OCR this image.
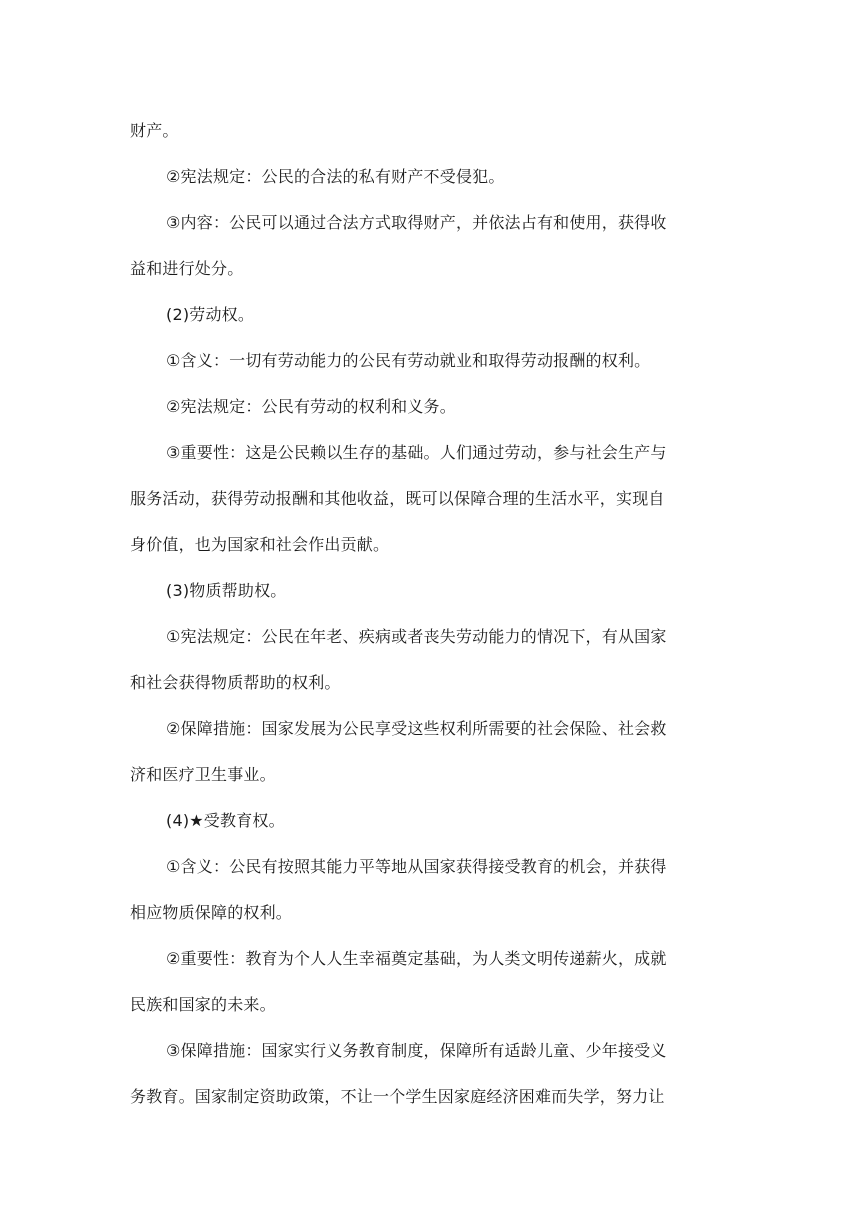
财产。
②宪法规定：公民的合法的私有财产不受侵犯。
③内容：公民可以通过合法方式取得财产，并依法占有和使用，获得收
益和进行处分。
(2)劳动权。
①含义：一切有劳动能力的公民有劳动就业和取得劳动报酬的权利。
②宪法规定：公民有劳动的权利和义务。
③重要性：这是公民赖以生存的基础。人们通过劳动，参与社会生产与
服务活动，获得劳动报酬和其他收益，既可以保障合理的生活水平，实现自
身价值，也为国家和社会作出贡献。
(3)物质帮助权。
①宪法规定：公民在年老、疾病或者丧失劳动能力的情况下，有从国家
和社会获得物质帮助的权利。
②保障措施：国家发展为公民享受这些权利所需要的社会保险、社会救
济和医疗卫生事业。
(4)★受教育权。
①含义：公民有按照其能力平等地从国家获得接受教育的机会，并获得
相应物质保障的权利。
②重要性：教育为个人人生幸福奠定基础，为人类文明传递薪火，成就
民族和国家的未来。
③保障措施：国家实行义务教育制度，保障所有适龄儿童、少年接受义
务教育。国家制定资助政策，不让一个学生因家庭经济困难而失学，努力让
